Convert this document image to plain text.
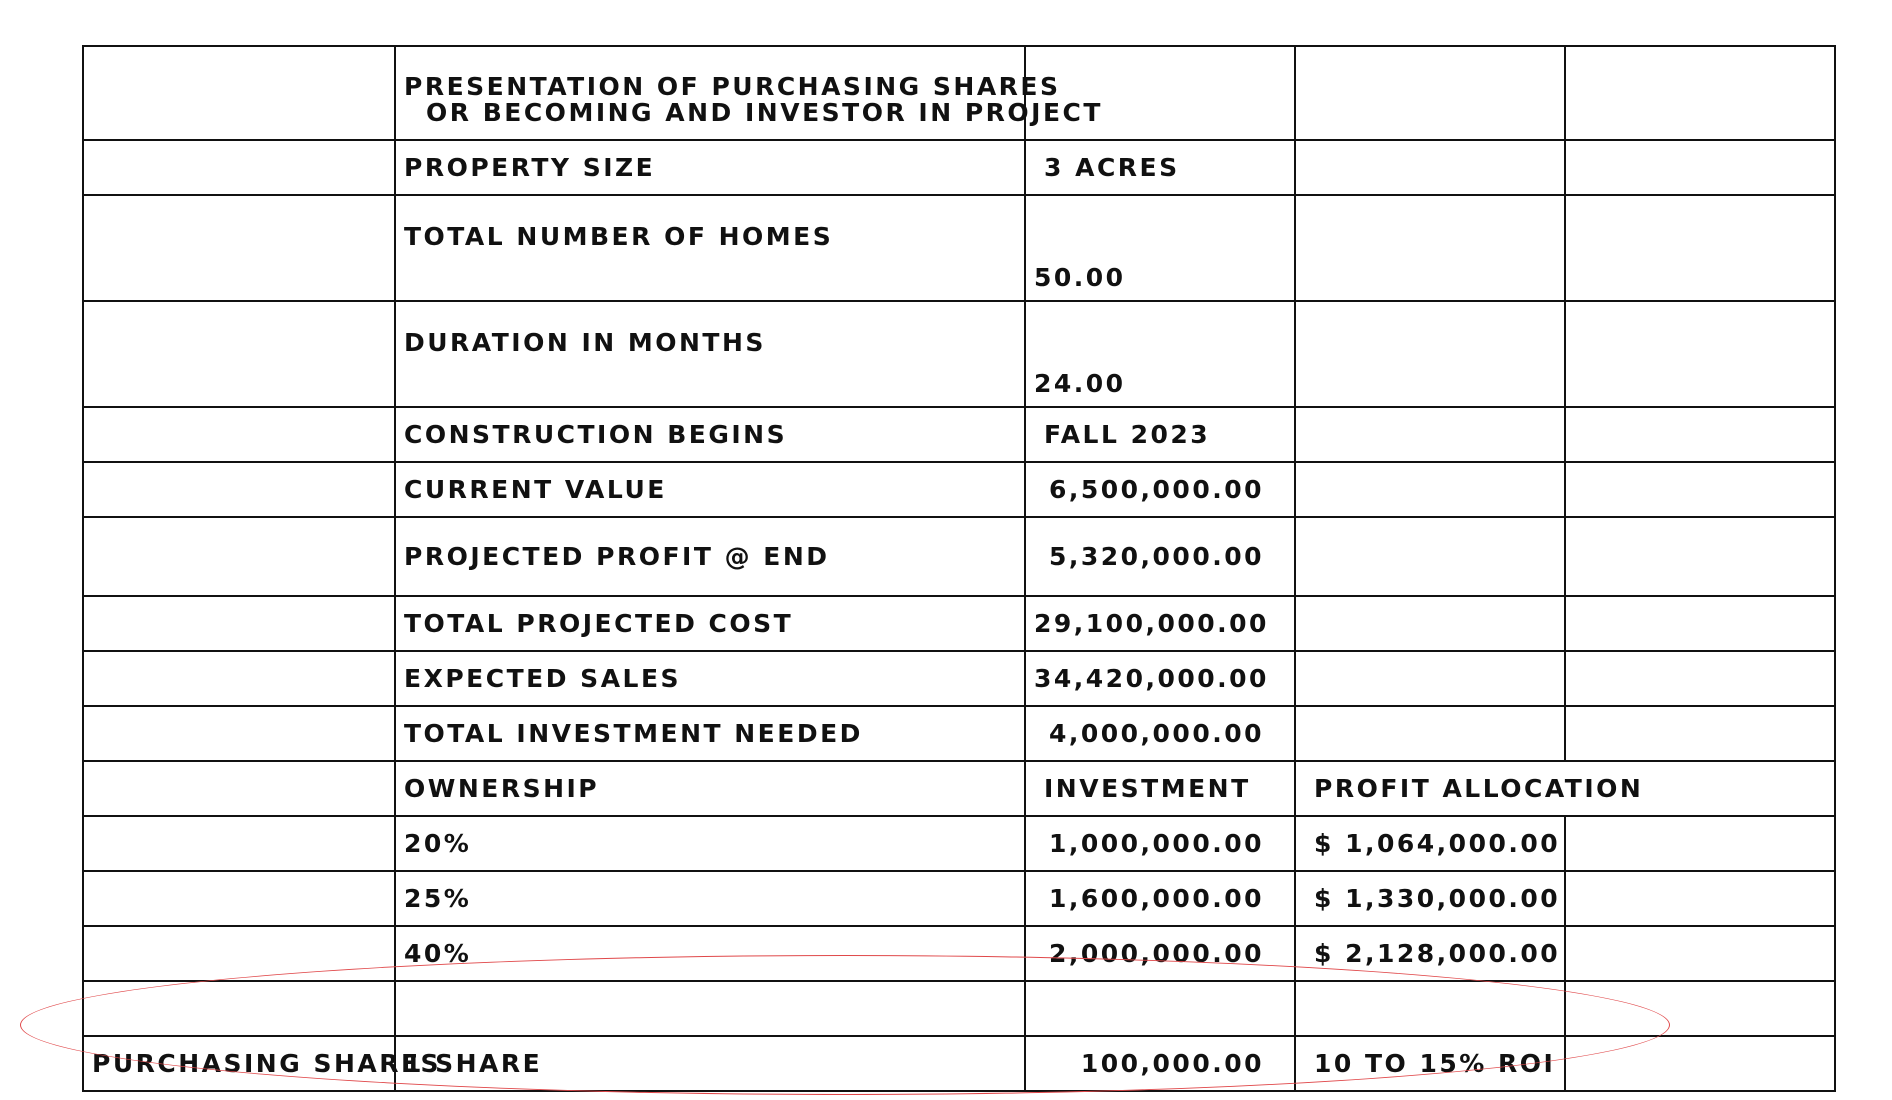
	PRESENTATION OF PURCHASING SHARES
OR BECOMING AND INVESTOR IN PROJECT			

	PROPERTY SIZE	3 ACRES		
	TOTAL NUMBER OF HOMES	50.00		
	DURATION IN MONTHS	24.00		
	CONSTRUCTION BEGINS	FALL 2023		
	CURRENT VALUE	6,500,000.00		
	PROJECTED PROFIT @ END	5,320,000.00		
	TOTAL PROJECTED COST	29,100,000.00		
	EXPECTED SALES	34,420,000.00		
	TOTAL INVESTMENT NEEDED	4,000,000.00		
	OWNERSHIP	INVESTMENT	PROFIT ALLOCATION	
	20%	1,000,000.00	$ 1,064,000.00	
	25%	1,600,000.00	$ 1,330,000.00	
	40%	2,000,000.00	$ 2,128,000.00	

PURCHASING SHARES	1 SHARE	100,000.00	10 TO 15% ROI	
